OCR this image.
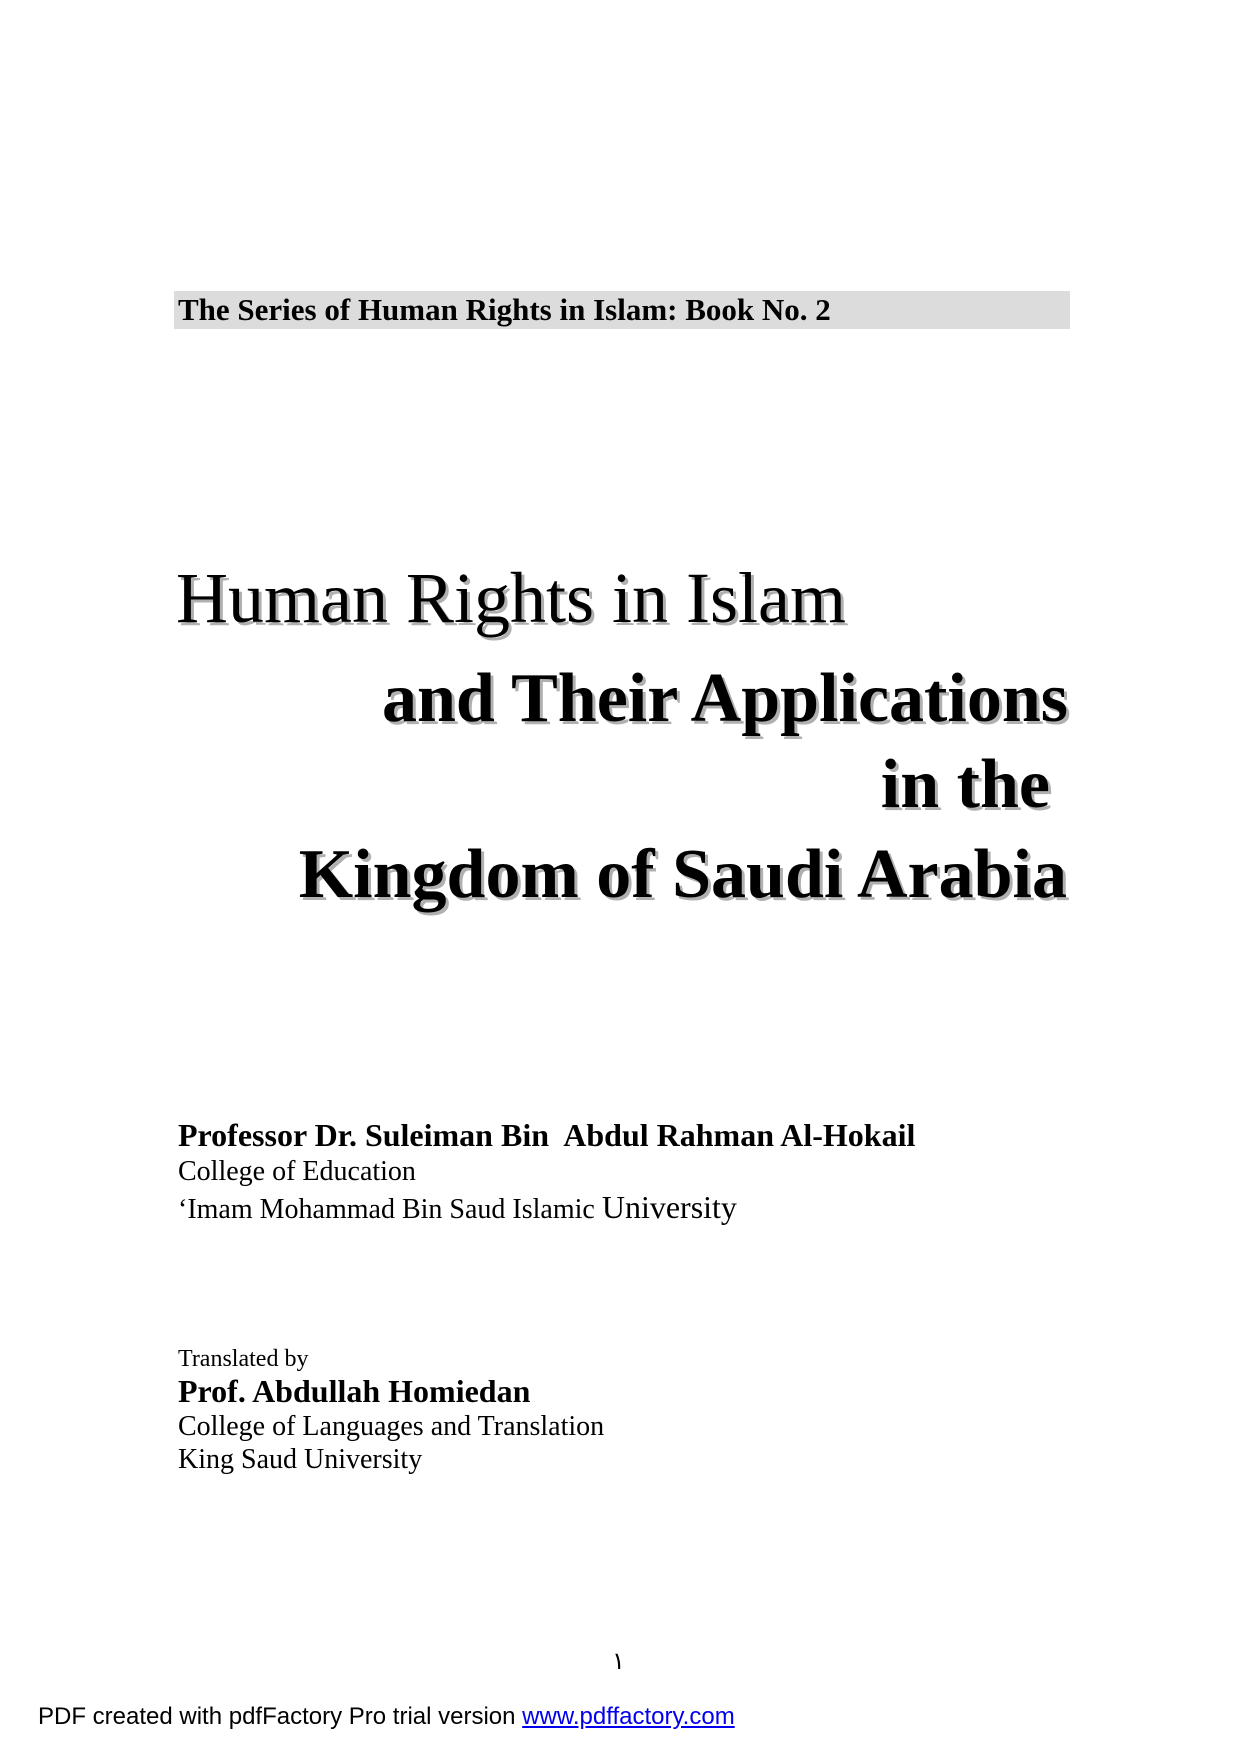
The Series of Human Rights in Islam: Book No. 2
Human Rights in Islam
and Their Applications
in the
Kingdom of Saudi Arabia
Professor Dr. Suleiman Bin  Abdul Rahman Al-Hokail
College of Education
‘Imam Mohammad Bin Saud Islamic University
Translated by
Prof. Abdullah Homiedan
College of Languages and Translation
King Saud University
١
PDF created with pdfFactory Pro trial version www.pdffactory.com
